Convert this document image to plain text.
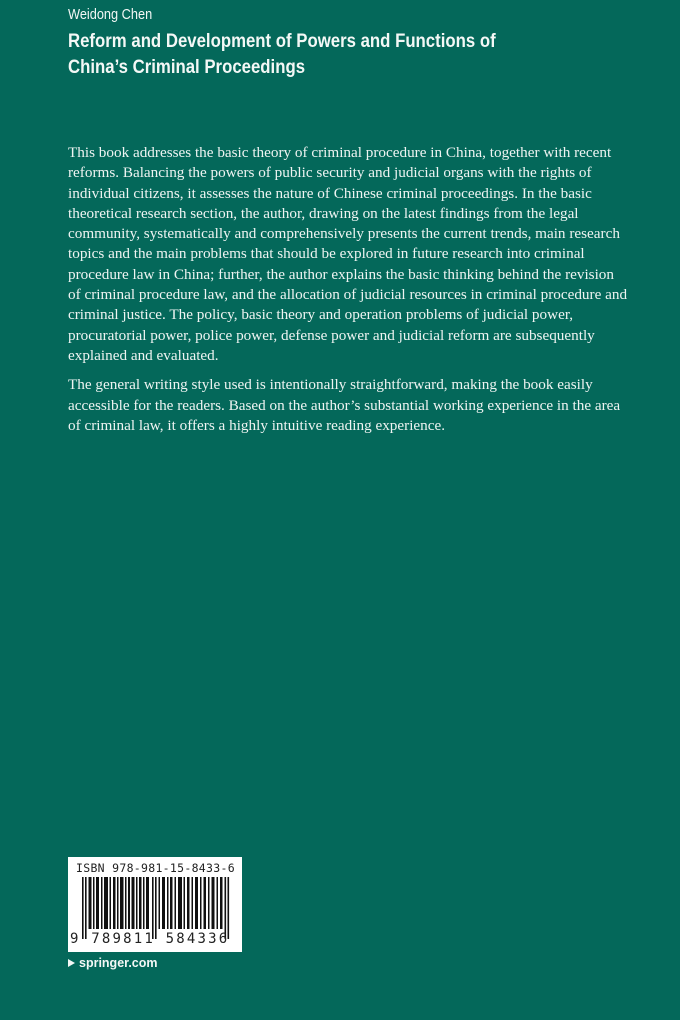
Weidong Chen
Reform and Development of Powers and Functions of
China’s Criminal Proceedings

This book addresses the basic theory of criminal procedure in China, together with recent reforms. Balancing the powers of public security and judicial organs with the rights of individual citizens, it assesses the nature of Chinese criminal proceedings. In the basic theoretical research section, the author, drawing on the latest findings from the legal community, systematically and comprehensively presents the current trends, main research topics and the main problems that should be explored in future research into criminal procedure law in China; further, the author explains the basic thinking behind the revision of criminal procedure law, and the allocation of judicial resources in criminal procedure and criminal justice. The policy, basic theory and operation problems of judicial power, procuratorial power, police power, defense power and judicial reform are subsequently explained and evaluated.

The general writing style used is intentionally straightforward, making the book easily accessible for the readers. Based on the author’s substantial working experience in the area of criminal law, it offers a highly intuitive reading experience.

ISBN 978-981-15-8433-6
9 789811 584336
springer.com
